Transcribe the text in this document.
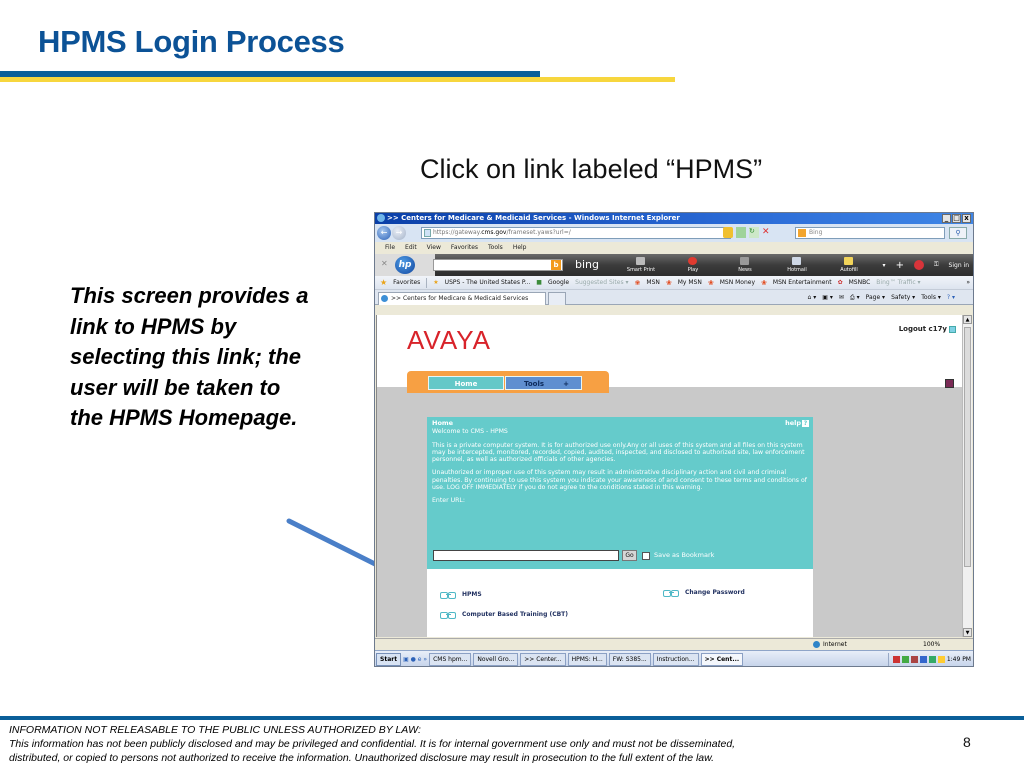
HPMS Login Process
Click on link labeled “HPMS”
This screen provides a link to HPMS by selecting this link; the user will be taken to the HPMS Homepage.
>> Centers for Medicare & Medicaid Services - Windows Internet Explorer	_ □ x
←	→	https://gateway.cms.gov/frameset.yaws?url=/	↻ ✕	Bing	⚲
File Edit View Favorites Tools Help
✕	hp	b bing	Smart Print	Play	News	Hotmail	Autofill
▾ +	⚿ Sign in
★ Favorites ★ USPS - The United States P... ■ Google Suggested Sites ▾ ❀ MSN ❀ My MSN ❀ MSN Money ❀ MSN Entertainment ✿ MSNBC Bing™ Traffic ▾	»
>> Centers for Medicare & Medicaid Services	⌂ ▾ ▣ ▾ ✉ ⎙ ▾ Page ▾ Safety ▾ Tools ▾ ? ▾
AVAYA	Logout c17y
Home	Tools	+
Home	help ?

Welcome to CMS - HPMS

This is a private computer system. It is for authorized use only.Any or all uses of this system and all files on this system may be intercepted, monitored, recorded, copied, audited, inspected, and disclosed to authorized site, law enforcement personnel, as well as authorized officials of other agencies.

Unauthorized or improper use of this system may result in administrative disciplinary action and civil and criminal penalties. By continuing to use this system you indicate your awareness of and consent to these terms and conditions of use. LOG OFF IMMEDIATELY if you do not agree to the conditions stated in this warning.

Enter URL:

Go	Save as Bookmark
HPMS	Change Password
Computer Based Training (CBT)
▲
▼
Internet	100%
Start	▣ ● e »	CMS hpm...	Novell Gro...	>> Center...	HPMS: H...	FW: S385...	Instruction...	>> Cent...	1:49 PM
INFORMATION NOT RELEASABLE TO THE PUBLIC UNLESS AUTHORIZED BY LAW:
This information has not been publicly disclosed and may be privileged and confidential. It is for internal government use only and must not be disseminated,
distributed, or copied to persons not authorized to receive the information. Unauthorized disclosure may result in prosecution to the full extent of the law.
8
